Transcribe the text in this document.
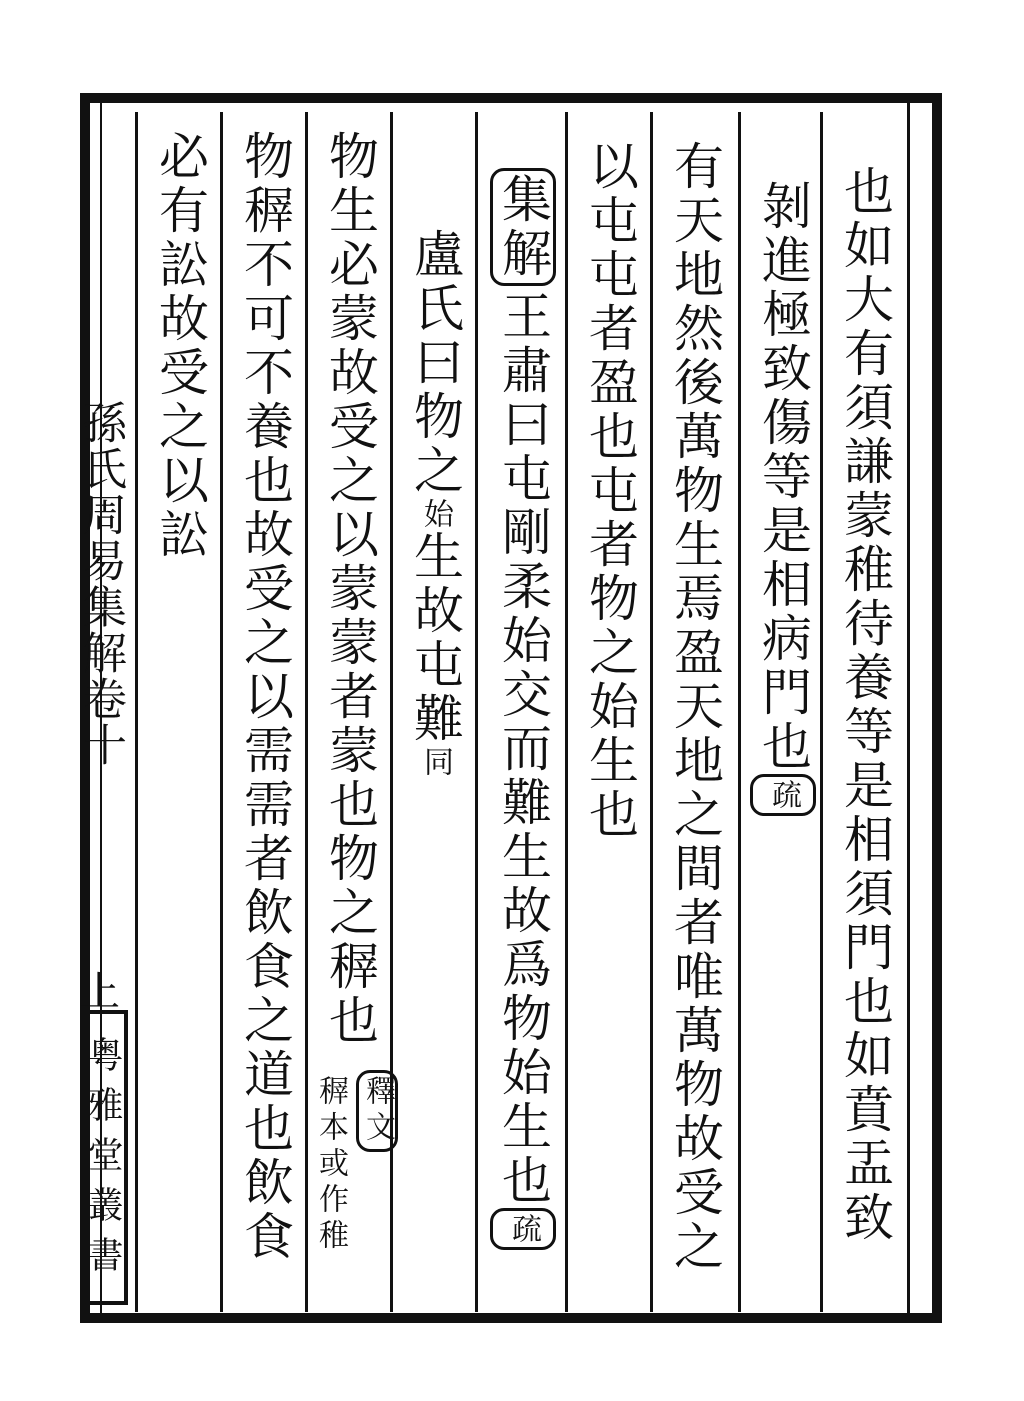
也如大有須謙蒙稚待養等是相須門也如賁盂致
剝進極致傷等是相病門也疏
有天地然後萬物生焉盈天地之間者唯萬物故受之
以屯屯者盈也屯者物之始生也
集解王肅曰屯剛柔始交而難生故爲物始生也疏
盧氏曰物之始生故屯難同
物生必蒙故受之以蒙蒙者蒙也物之稺也
釋文
稺本或作稚
物稺不可不養也故受之以需需者飲食之道也飲食
必有訟故受之以訟
孫氏周易集解卷十
上
粤雅堂叢書
